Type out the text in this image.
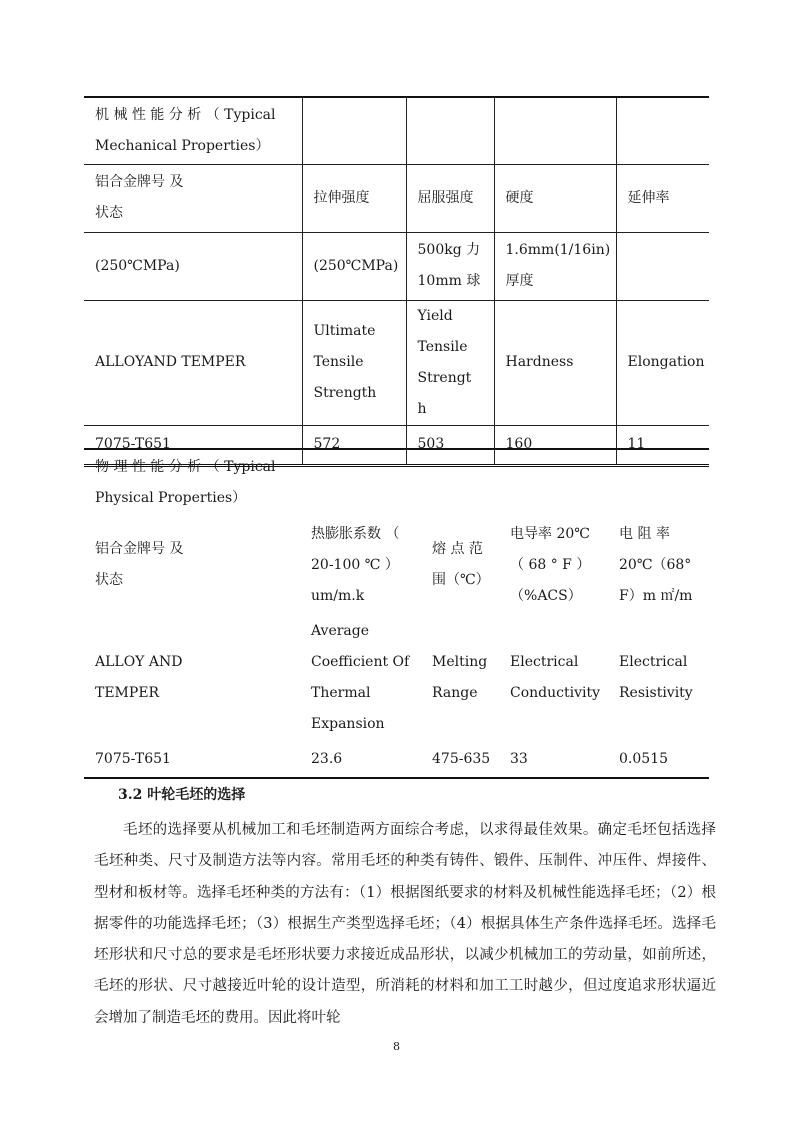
机 械 性 能 分 析 （ Typical Mechanical Properties）				
铝合金牌号 及状态	拉伸强度	屈服强度	硬度	延伸率
(250℃MPa)	(250℃MPa)	500kg 力 10mm 球	1.6mm(1/16in) 厚度	
ALLOYAND TEMPER	Ultimate Tensile Strength	Yield Tensile Strength	Hardness	Elongation
7075-T651	572	503	160	11
物 理 性 能 分 析 （ Typical Physical Properties）				
铝合金牌号 及状态	热膨胀系数 （ 20-100 ℃ ） um/m.k	熔 点 范 围（℃）	电导率 20℃ （ 68 ° F ） （%ACS）	电 阻 率 20℃（68° F）m ㎡/m
ALLOY AND TEMPER	Average Coefficient Of Thermal Expansion	Melting Range	Electrical Conductivity	Electrical Resistivity
7075-T651	23.6	475-635	33	0.0515
3.2 叶轮毛坯的选择

毛坯的选择要从机械加工和毛坯制造两方面综合考虑，以求得最佳效果。确定毛坯包括选择毛坯种类、尺寸及制造方法等内容。常用毛坯的种类有铸件、锻件、压制件、冲压件、焊接件、型材和板材等。选择毛坯种类的方法有：（1）根据图纸要求的材料及机械性能选择毛坯；（2）根据零件的功能选择毛坯；（3）根据生产类型选择毛坯；（4）根据具体生产条件选择毛坯。选择毛坯形状和尺寸总的要求是毛坯形状要力求接近成品形状，以减少机械加工的劳动量，如前所述，毛坯的形状、尺寸越接近叶轮的设计造型，所消耗的材料和加工工时越少，但过度追求形状逼近会增加了制造毛坯的费用。因此将叶轮

8
